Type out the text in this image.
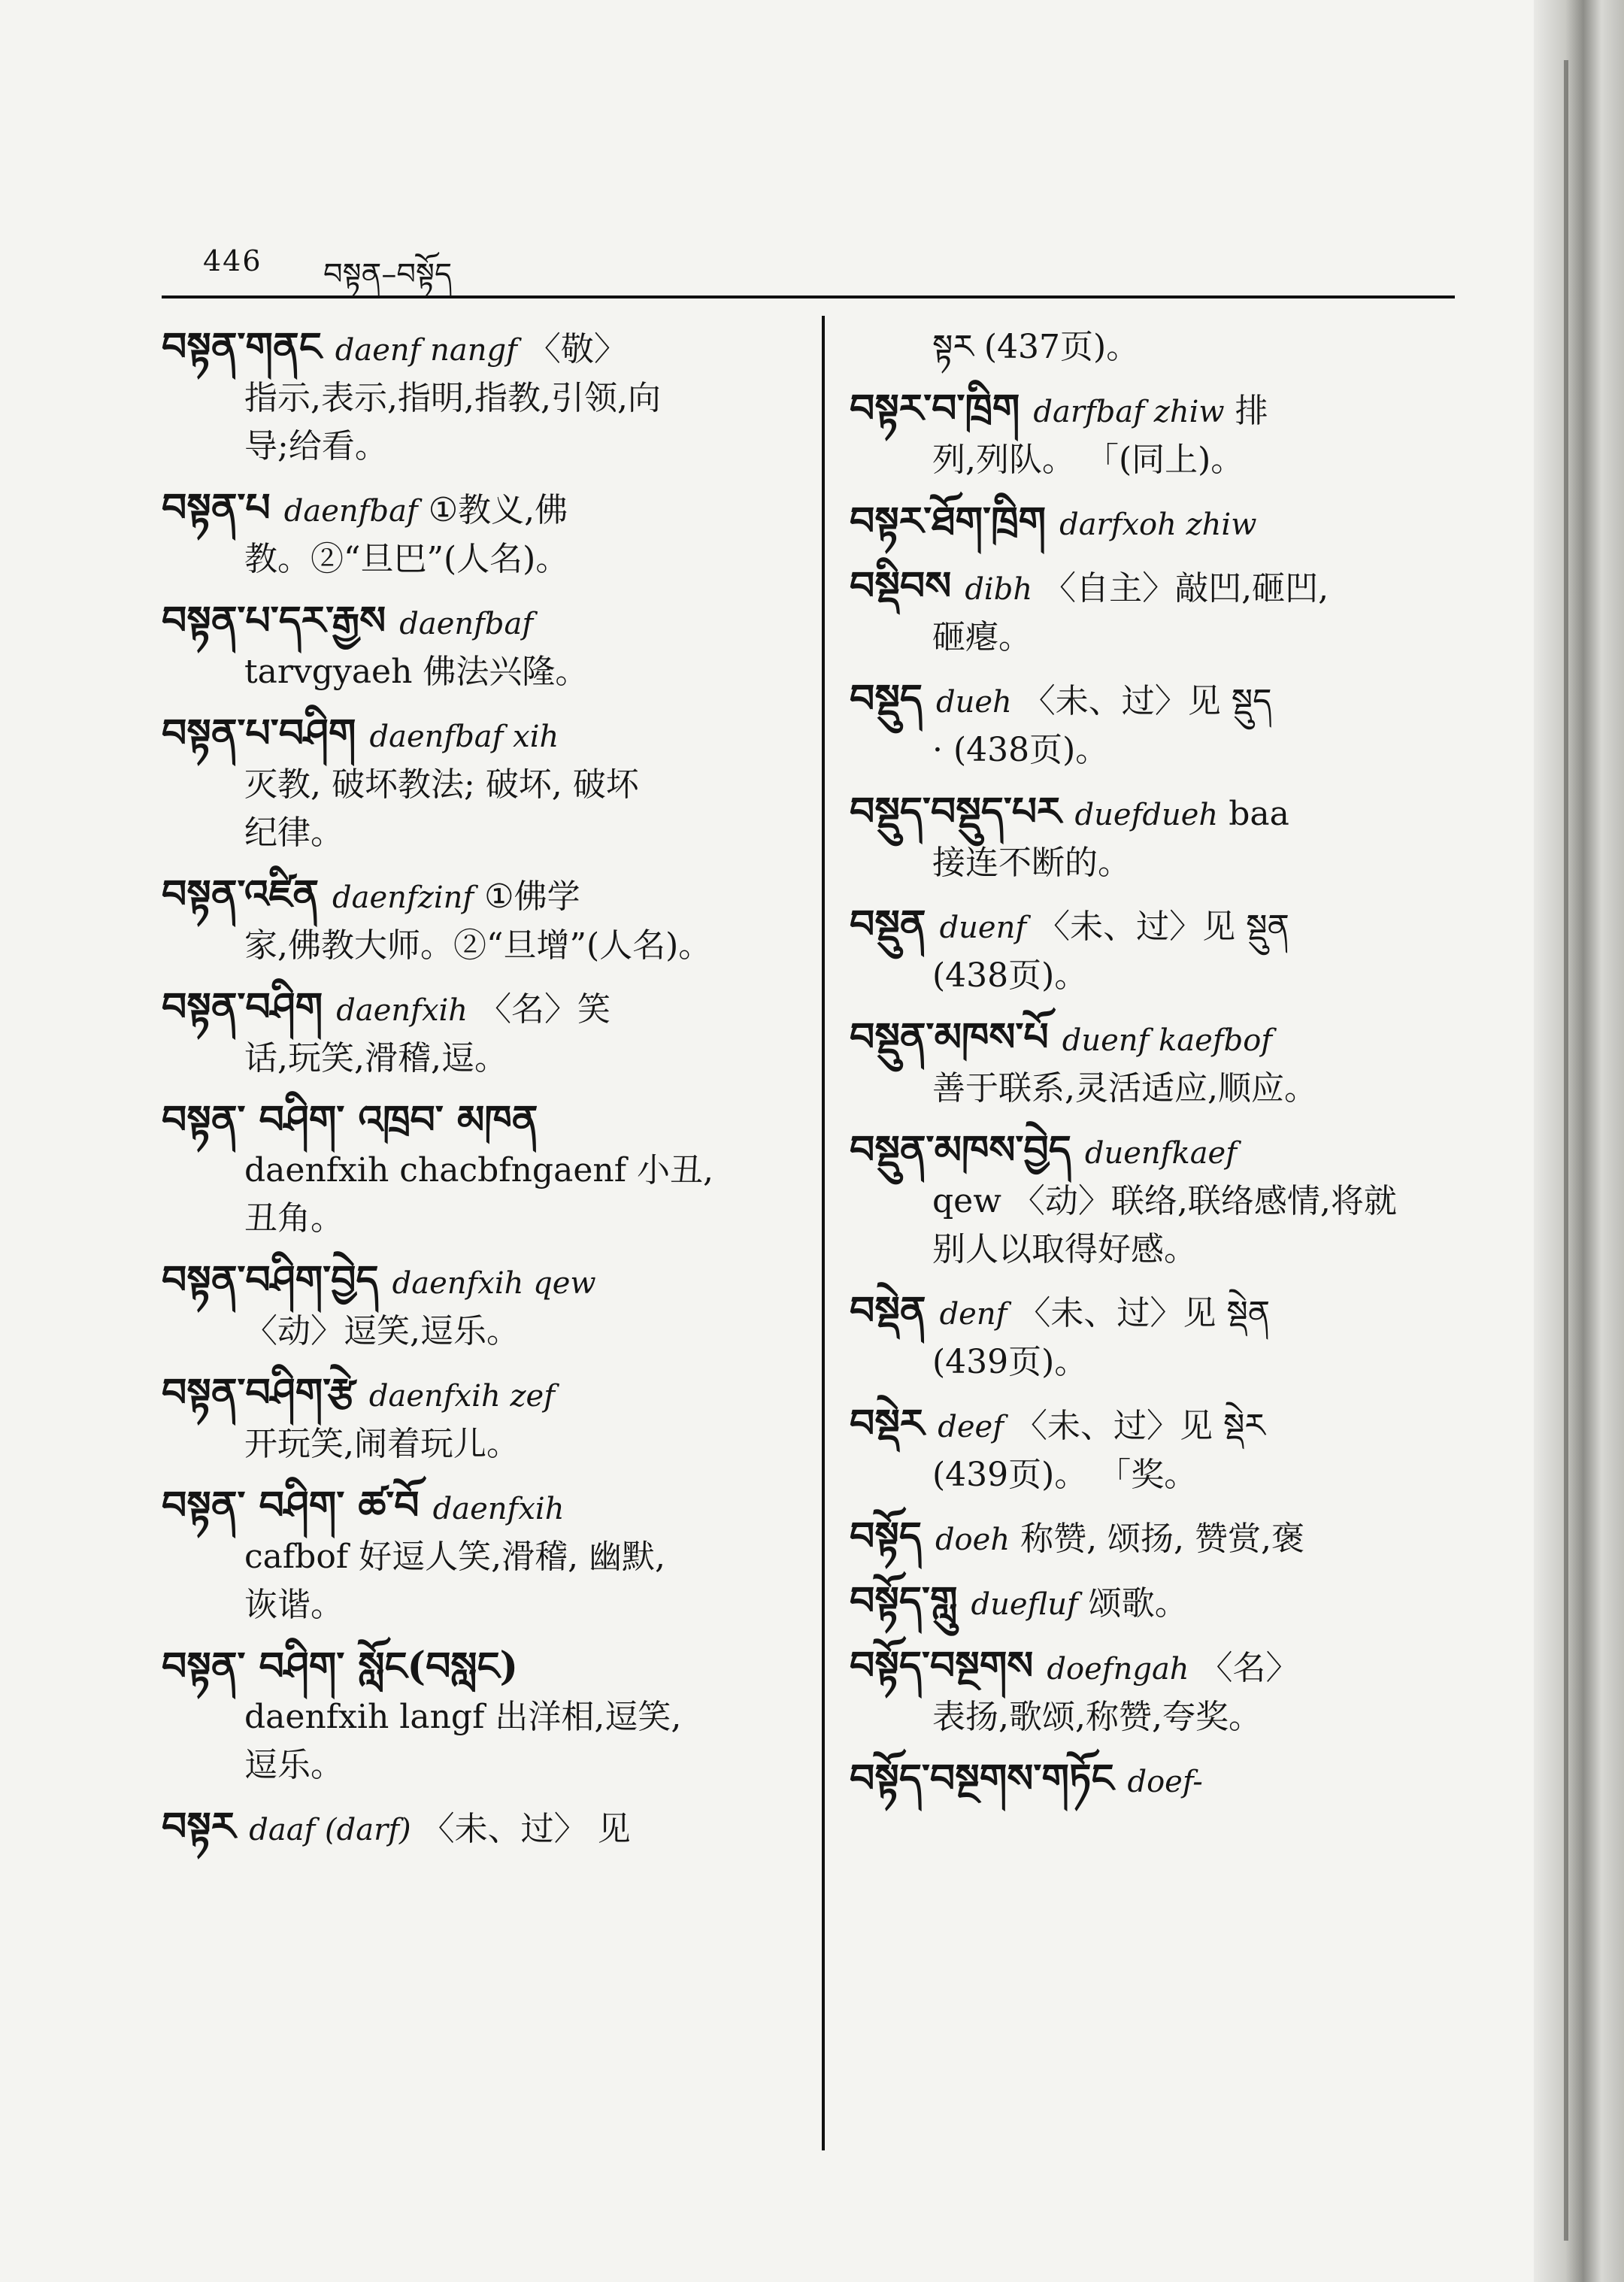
446 བསྟན–བསྟོད
བསྟན་གནང daenf nangf 〈敬〉
指示,表示,指明,指教,引领,向
导;给看。
བསྟན་པ daenfbaf ①教义,佛
教。②“旦巴”(人名)。
བསྟན་པ་དར་རྒྱས daenfbaf
tarvgyaeh 佛法兴隆。
བསྟན་པ་བཤིག daenfbaf xih
灭教, 破坏教法; 破坏, 破坏
纪律。
བསྟན་འཛིན daenfzinf ①佛学
家,佛教大师。②“旦增”(人名)。
བསྟན་བཤིག daenfxih 〈名〉笑
话,玩笑,滑稽,逗。
བསྟན་ བཤིག་ འཁྲབ་ མཁན
daenfxih chacbfngaenf 小丑,
丑角。
བསྟན་བཤིག་བྱེད daenfxih qew
〈动〉逗笑,逗乐。
བསྟན་བཤིག་རྩེ daenfxih zef
开玩笑,闹着玩儿。
བསྟན་ བཤིག་ ཚ་བོ daenfxih
cafbof 好逗人笑,滑稽, 幽默,
诙谐。
བསྟན་ བཤིག་ སློང(བསླང)
daenfxih langf 出洋相,逗笑,
逗乐。
བསྟར daaf (darf) 〈未、过〉 见
སྟར (437页)。
བསྟར་བ་ཁྲིག darfbaf zhiw 排
列,列队。 「(同上)。
བསྟར་ཐོག་ཁྲིག darfxoh zhiw
བསྡིབས dibh 〈自主〉敲凹,砸凹,
砸瘪。
བསྡུད dueh 〈未、过〉见 སྡུད
· (438页)。
བསྡུད་བསྡུད་པར duefdueh baa
接连不断的。
བསྡུན duenf 〈未、过〉见 སྡུན
(438页)。
བསྡུན་མཁས་པོ duenf kaefbof
善于联系,灵活适应,顺应。
བསྡུན་མཁས་བྱེད duenfkaef
qew 〈动〉联络,联络感情,将就
别人以取得好感。
བསྡེན denf 〈未、过〉见 སྡེན
(439页)。
བསྡེར deef 〈未、过〉见 སྡེར
(439页)。 「奖。
བསྟོད doeh 称赞, 颂扬, 赞赏,褒
བསྟོད་གླུ duefluf 颂歌。
བསྟོད་བསྔགས doefngah 〈名〉
表扬,歌颂,称赞,夸奖。
བསྟོད་བསྔགས་གཏོང doef-
